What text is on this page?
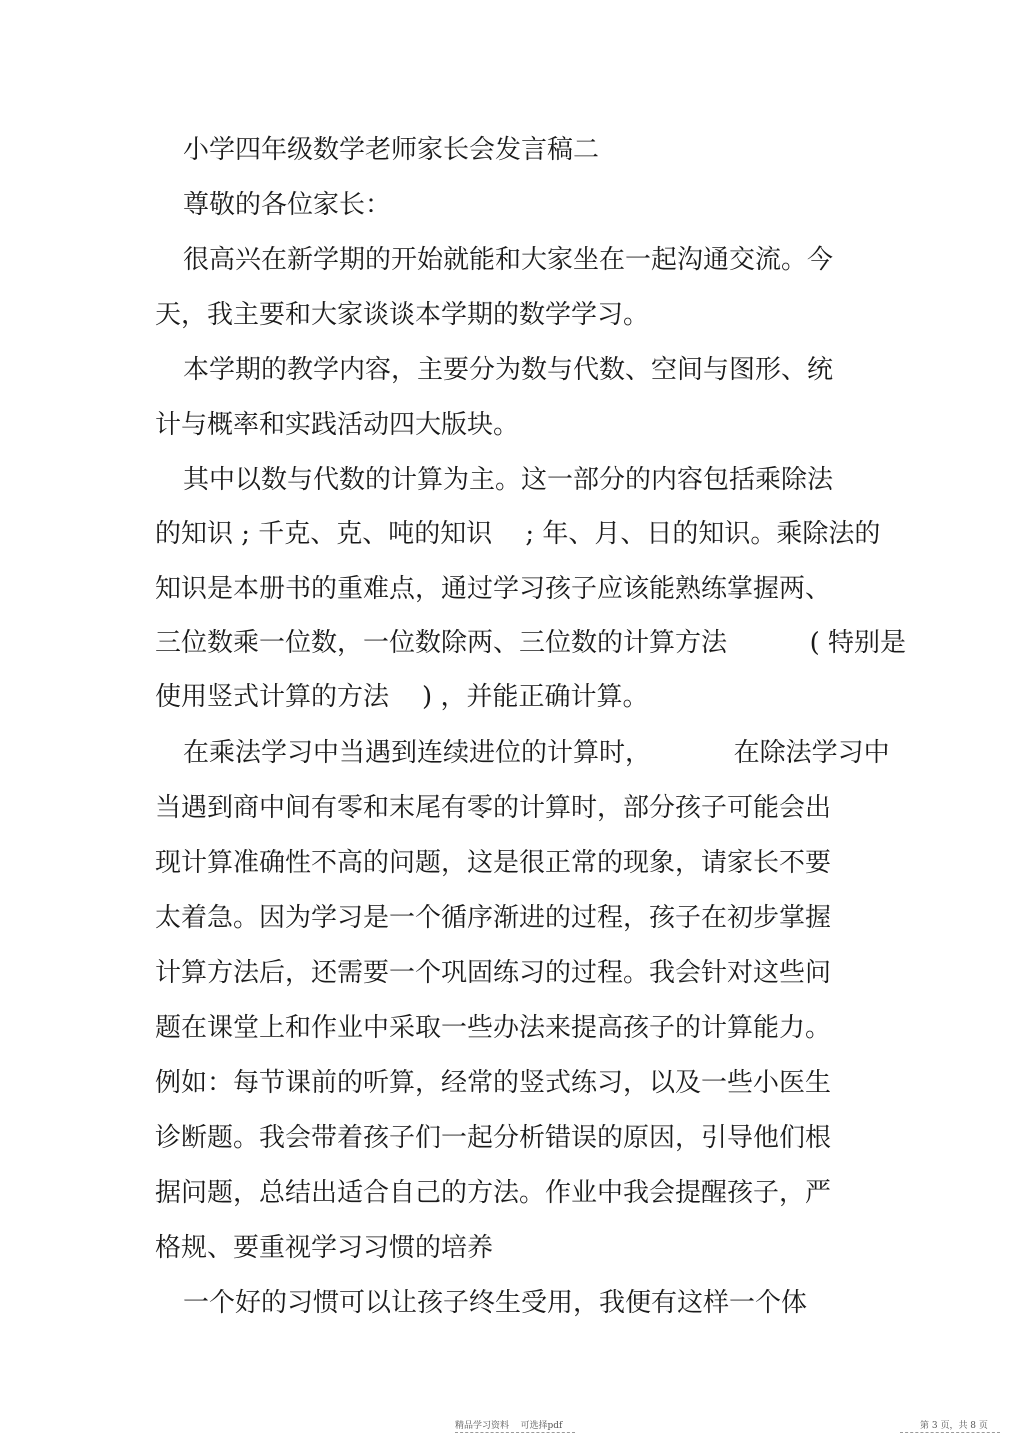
小学四年级数学老师家长会发言稿二
尊敬的各位家长：
很高兴在新学期的开始就能和大家坐在一起沟通交流。今
天，我主要和大家谈谈本学期的数学学习。
本学期的教学内容，主要分为数与代数、空间与图形、统
计与概率和实践活动四大版块。
其中以数与代数的计算为主。这一部分的内容包括乘除法
的知识 ; 千克、克、吨的知识    ; 年、月、日的知识。乘除法的
知识是本册书的重难点，通过学习孩子应该能熟练掌握两、
三位数乘一位数，一位数除两、三位数的计算方法          ( 特别是
使用竖式计算的方法    ) ，并能正确计算。
在乘法学习中当遇到连续进位的计算时，          在除法学习中
当遇到商中间有零和末尾有零的计算时，部分孩子可能会出
现计算准确性不高的问题，这是很正常的现象，请家长不要
太着急。因为学习是一个循序渐进的过程，孩子在初步掌握
计算方法后，还需要一个巩固练习的过程。我会针对这些问
题在课堂上和作业中采取一些办法来提高孩子的计算能力。
例如：每节课前的听算，经常的竖式练习，以及一些小医生
诊断题。我会带着孩子们一起分析错误的原因，引导他们根
据问题，总结出适合自己的方法。作业中我会提醒孩子，严
格规、要重视学习习惯的培养
一个好的习惯可以让孩子终生受用，我便有这样一个体
精品学习资料    可选择pdf	第 3 页，共 8 页
